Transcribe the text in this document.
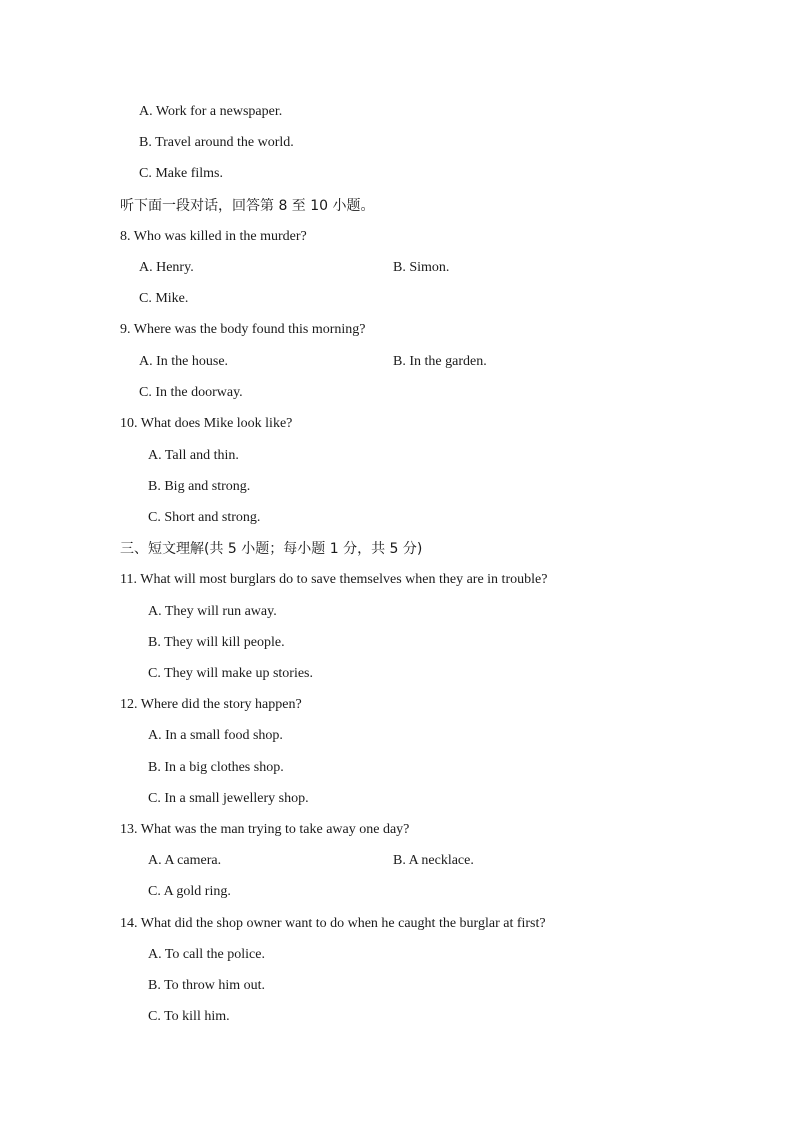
A. Work for a newspaper.
B. Travel around the world.
C. Make films.
听下面一段对话，回答第 8 至 10 小题。
8. Who was killed in the murder?
A. Henry.	B. Simon.
C. Mike.
9. Where was the body found this morning?
A. In the house.	B. In the garden.
C. In the doorway.
10. What does Mike look like?
A. Tall and thin.
B. Big and strong.
C. Short and strong.
三、短文理解(共 5 小题；每小题 1 分，共 5 分)
11. What will most burglars do to save themselves when they are in trouble?
A. They will run away.
B. They will kill people.
C. They will make up stories.
12. Where did the story happen?
A. In a small food shop.
B. In a big clothes shop.
C. In a small jewellery shop.
13. What was the man trying to take away one day?
A. A camera.	B. A necklace.
C. A gold ring.
14. What did the shop owner want to do when he caught the burglar at first?
A. To call the police.
B. To throw him out.
C. To kill him.
